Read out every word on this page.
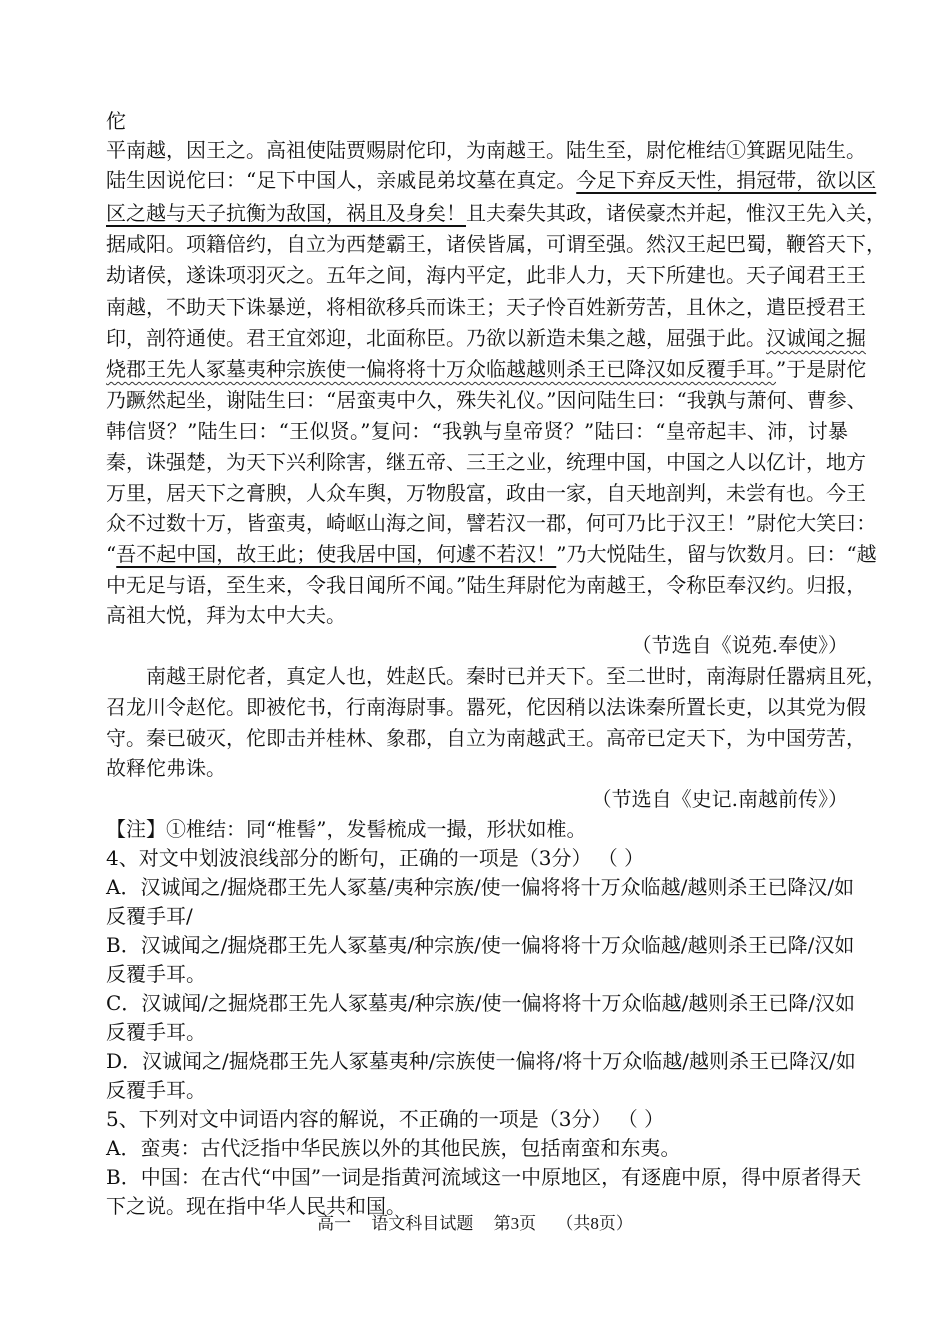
佗
平南越，因王之。高祖使陆贾赐尉佗印，为南越王。陆生至，尉佗椎结①箕踞见陆生。
陆生因说佗曰：“足下中国人，亲戚昆弟坟墓在真定。今足下弃反天性，捐冠带，欲以区
区之越与天子抗衡为敌国，祸且及身矣！且夫秦失其政，诸侯豪杰并起，惟汉王先入关，
据咸阳。项籍倍约，自立为西楚霸王，诸侯皆属，可谓至强。然汉王起巴蜀，鞭笞天下，
劫诸侯，遂诛项羽灭之。五年之间，海内平定，此非人力，天下所建也。天子闻君王王
南越，不助天下诛暴逆，将相欲移兵而诛王；天子怜百姓新劳苦，且休之，遣臣授君王
印，剖符通使。君王宜郊迎，北面称臣。乃欲以新造未集之越，屈强于此。汉诚闻之掘
烧郡王先人冢墓夷种宗族使一偏将将十万众临越越则杀王已降汉如反覆手耳。”于是尉佗
乃蹶然起坐，谢陆生曰：“居蛮夷中久，殊失礼仪。”因问陆生曰：“我孰与萧何、曹参、
韩信贤？”陆生曰：“王似贤。”复问：“我孰与皇帝贤？”陆曰：“皇帝起丰、沛，讨暴
秦，诛强楚，为天下兴利除害，继五帝、三王之业，统理中国，中国之人以亿计，地方
万里，居天下之膏腴，人众车舆，万物殷富，政由一家，自天地剖判，未尝有也。今王
众不过数十万，皆蛮夷，崎岖山海之间，譬若汉一郡，何可乃比于汉王！”尉佗大笑曰：
“吾不起中国，故王此；使我居中国，何遽不若汉！”乃大悦陆生，留与饮数月。曰：“越
中无足与语，至生来，令我日闻所不闻。”陆生拜尉佗为南越王，令称臣奉汉约。归报，
高祖大悦，拜为太中大夫。
（节选自《说苑.奉使》）
南越王尉佗者，真定人也，姓赵氏。秦时已并天下。至二世时，南海尉任嚣病且死，
召龙川令赵佗。即被佗书，行南海尉事。嚣死，佗因稍以法诛秦所置长吏，以其党为假
守。秦已破灭，佗即击并桂林、象郡，自立为南越武王。高帝已定天下，为中国劳苦，
故释佗弗诛。
（节选自《史记.南越前传》）
【注】①椎结：同“椎髻”，发髻梳成一撮，形状如椎。
4、对文中划波浪线部分的断句，正确的一项是（3分） （ ）
A．汉诚闻之/掘烧郡王先人冢墓/夷种宗族/使一偏将将十万众临越/越则杀王已降汉/如
反覆手耳/
B．汉诚闻之/掘烧郡王先人冢墓夷/种宗族/使一偏将将十万众临越/越则杀王已降/汉如
反覆手耳。
C．汉诚闻/之掘烧郡王先人冢墓夷/种宗族/使一偏将将十万众临越/越则杀王已降/汉如
反覆手耳。
D．汉诚闻之/掘烧郡王先人冢墓夷种/宗族使一偏将/将十万众临越/越则杀王已降汉/如
反覆手耳。
5、下列对文中词语内容的解说，不正确的一项是（3分） （ ）
A．蛮夷：古代泛指中华民族以外的其他民族，包括南蛮和东夷。
B．中国：在古代“中国”一词是指黄河流域这一中原地区，有逐鹿中原，得中原者得天
下之说。现在指中华人民共和国。
高一 语文科目试题 第3页 （共8页）
